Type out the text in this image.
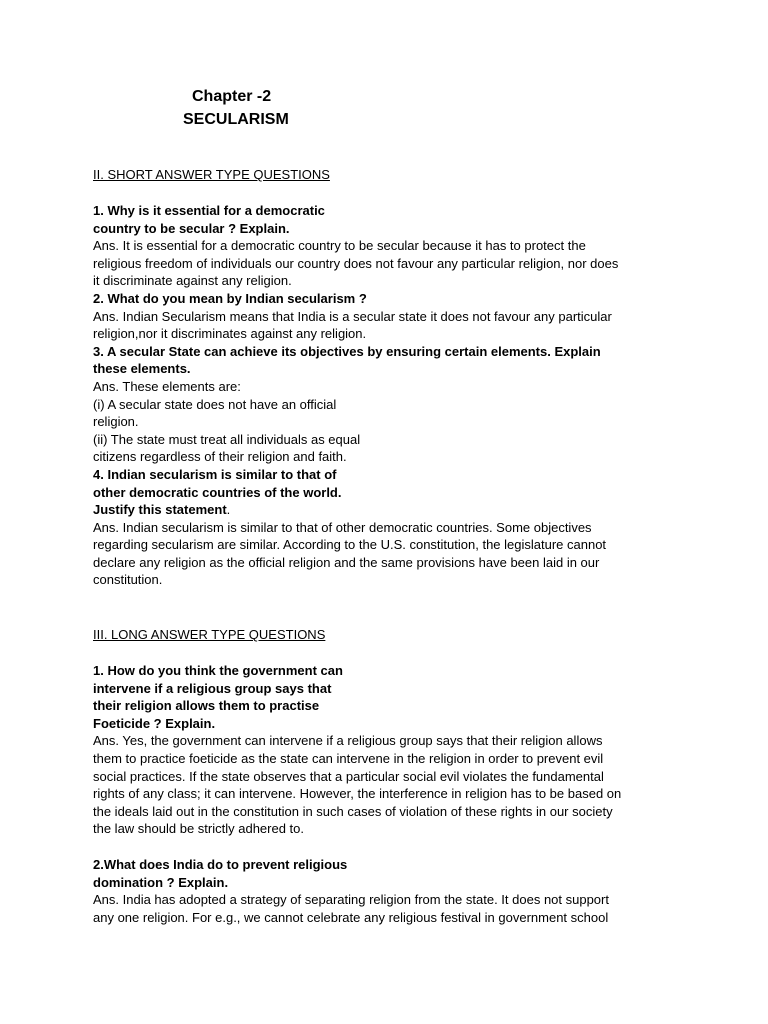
Chapter -2
SECULARISM
II. SHORT ANSWER TYPE QUESTIONS
1. Why is it essential for a democratic
country to be secular ? Explain.
Ans. It is essential for a democratic country to be secular because it has to protect the
religious freedom of individuals our country does not favour any particular religion, nor does
it discriminate against any religion.
2. What do you mean by Indian secularism ?
Ans. Indian Secularism means that India is a secular state it does not favour any particular
religion,nor it discriminates against any religion.
3. A secular State can achieve its objectives by ensuring certain elements. Explain
these elements.
Ans. These elements are:
(i) A secular state does not have an official
religion.
(ii) The state must treat all individuals as equal
citizens regardless of their religion and faith.
4. Indian secularism is similar to that of
other democratic countries of the world.
Justify this statement.
Ans. Indian secularism is similar to that of other democratic countries. Some objectives
regarding secularism are similar. According to the U.S. constitution, the legislature cannot
declare any religion as the official religion and the same provisions have been laid in our
constitution.
III. LONG ANSWER TYPE QUESTIONS
1. How do you think the government can
intervene if a religious group says that
their religion allows them to practise
Foeticide ? Explain.
Ans. Yes, the government can intervene if a religious group says that their religion allows
them to practice foeticide as the state can intervene in the religion in order to prevent evil
social practices. If the state observes that a particular social evil violates the fundamental
rights of any class; it can intervene. However, the interference in religion has to be based on
the ideals laid out in the constitution in such cases of violation of these rights in our society
the law should be strictly adhered to.
2.What does India do to prevent religious
domination ? Explain.
Ans. India has adopted a strategy of separating religion from the state. It does not support
any one religion. For e.g., we cannot celebrate any religious festival in government school
